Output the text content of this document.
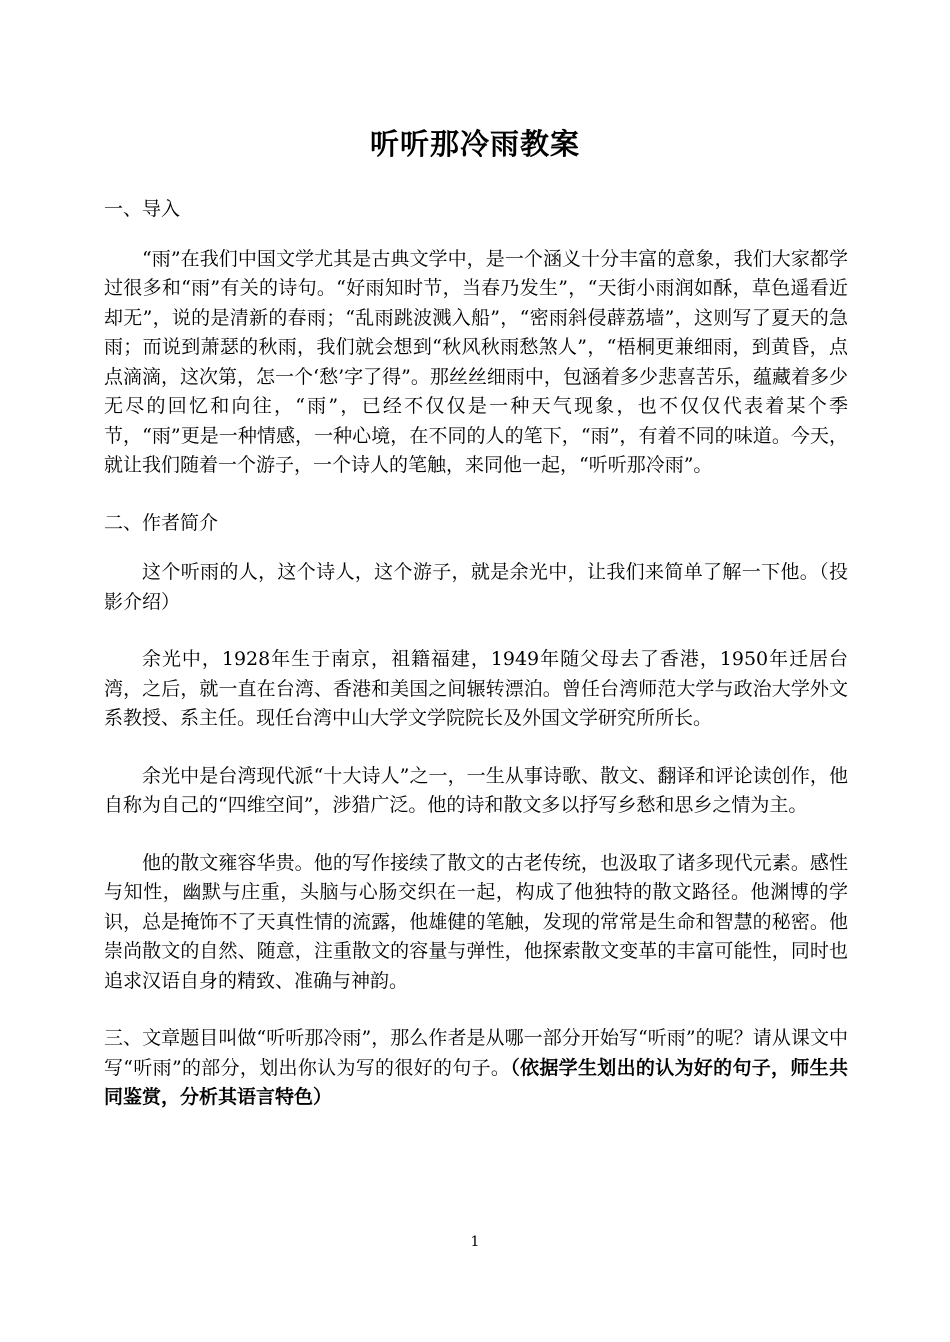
听听那冷雨教案

一、导入

“雨”在我们中国文学尤其是古典文学中，是一个涵义十分丰富的意象，我们大家都学过很多和“雨”有关的诗句。“好雨知时节，当春乃发生”，“天街小雨润如酥，草色遥看近却无”，说的是清新的春雨；“乱雨跳波溅入船”，“密雨斜侵薜荔墙”，这则写了夏天的急雨；而说到萧瑟的秋雨，我们就会想到“秋风秋雨愁煞人”，“梧桐更兼细雨，到黄昏，点点滴滴，这次第，怎一个‘愁’字了得”。那丝丝细雨中，包涵着多少悲喜苦乐，蕴藏着多少无尽的回忆和向往，“雨”，已经不仅仅是一种天气现象，也不仅仅代表着某个季节，“雨”更是一种情感，一种心境，在不同的人的笔下，“雨”，有着不同的味道。今天，就让我们随着一个游子，一个诗人的笔触，来同他一起，“听听那冷雨”。

二、作者简介

这个听雨的人，这个诗人，这个游子，就是余光中，让我们来简单了解一下他。（投影介绍）

余光中，1928年生于南京，祖籍福建，1949年随父母去了香港，1950年迁居台湾，之后，就一直在台湾、香港和美国之间辗转漂泊。曾任台湾师范大学与政治大学外文系教授、系主任。现任台湾中山大学文学院院长及外国文学研究所所长。

余光中是台湾现代派“十大诗人”之一，一生从事诗歌、散文、翻译和评论读创作，他自称为自己的“四维空间”，涉猎广泛。他的诗和散文多以抒写乡愁和思乡之情为主。

他的散文雍容华贵。他的写作接续了散文的古老传统，也汲取了诸多现代元素。感性与知性，幽默与庄重，头脑与心肠交织在一起，构成了他独特的散文路径。他渊博的学识，总是掩饰不了天真性情的流露，他雄健的笔触，发现的常常是生命和智慧的秘密。他崇尚散文的自然、随意，注重散文的容量与弹性，他探索散文变革的丰富可能性，同时也追求汉语自身的精致、准确与神韵。

三、文章题目叫做“听听那冷雨”，那么作者是从哪一部分开始写“听雨”的呢？请从课文中写“听雨”的部分，划出你认为写的很好的句子。（依据学生划出的认为好的句子，师生共同鉴赏，分析其语言特色）

1
